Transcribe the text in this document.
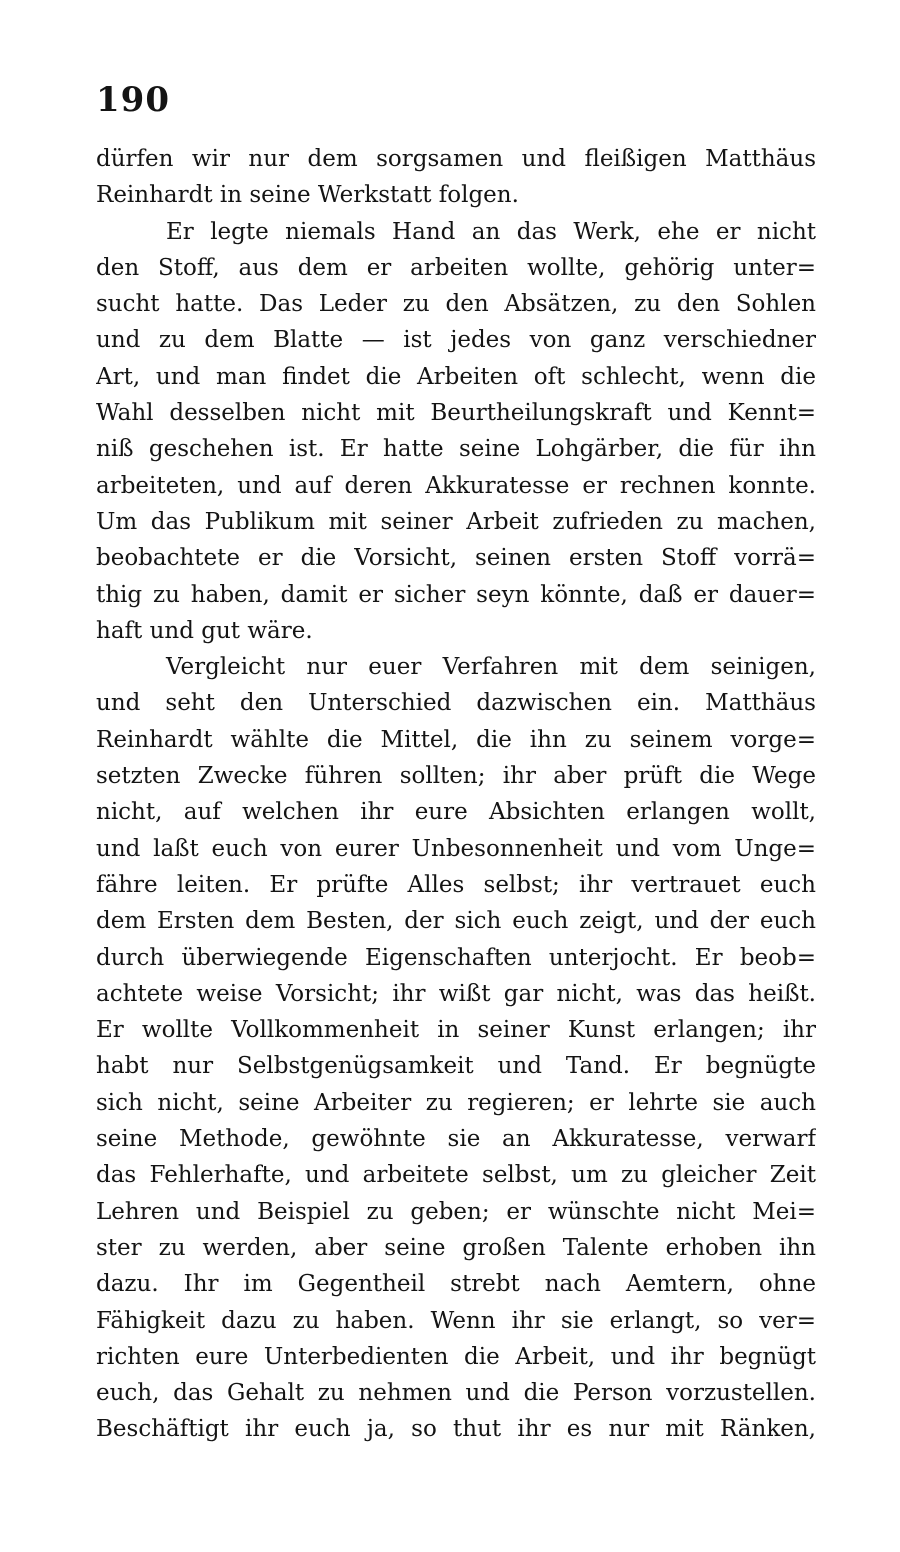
190
dürfen wir nur dem sorgsamen und fleißigen Matthäus
Reinhardt in seine Werkstatt folgen.
Er legte niemals Hand an das Werk, ehe er nicht
den Stoff, aus dem er arbeiten wollte, gehörig unter=
sucht hatte. Das Leder zu den Absätzen, zu den Sohlen
und zu dem Blatte — ist jedes von ganz verschiedner
Art, und man findet die Arbeiten oft schlecht, wenn die
Wahl desselben nicht mit Beurtheilungskraft und Kennt=
niß geschehen ist. Er hatte seine Lohgärber, die für ihn
arbeiteten, und auf deren Akkuratesse er rechnen konnte.
Um das Publikum mit seiner Arbeit zufrieden zu machen,
beobachtete er die Vorsicht, seinen ersten Stoff vorrä=
thig zu haben, damit er sicher seyn könnte, daß er dauer=
haft und gut wäre.
Vergleicht nur euer Verfahren mit dem seinigen,
und seht den Unterschied dazwischen ein. Matthäus
Reinhardt wählte die Mittel, die ihn zu seinem vorge=
setzten Zwecke führen sollten; ihr aber prüft die Wege
nicht, auf welchen ihr eure Absichten erlangen wollt,
und laßt euch von eurer Unbesonnenheit und vom Unge=
fähre leiten. Er prüfte Alles selbst; ihr vertrauet euch
dem Ersten dem Besten, der sich euch zeigt, und der euch
durch überwiegende Eigenschaften unterjocht. Er beob=
achtete weise Vorsicht; ihr wißt gar nicht, was das heißt.
Er wollte Vollkommenheit in seiner Kunst erlangen; ihr
habt nur Selbstgenügsamkeit und Tand. Er begnügte
sich nicht, seine Arbeiter zu regieren; er lehrte sie auch
seine Methode, gewöhnte sie an Akkuratesse, verwarf
das Fehlerhafte, und arbeitete selbst, um zu gleicher Zeit
Lehren und Beispiel zu geben; er wünschte nicht Mei=
ster zu werden, aber seine großen Talente erhoben ihn
dazu. Ihr im Gegentheil strebt nach Aemtern, ohne
Fähigkeit dazu zu haben. Wenn ihr sie erlangt, so ver=
richten eure Unterbedienten die Arbeit, und ihr begnügt
euch, das Gehalt zu nehmen und die Person vorzustellen.
Beschäftigt ihr euch ja, so thut ihr es nur mit Ränken,
